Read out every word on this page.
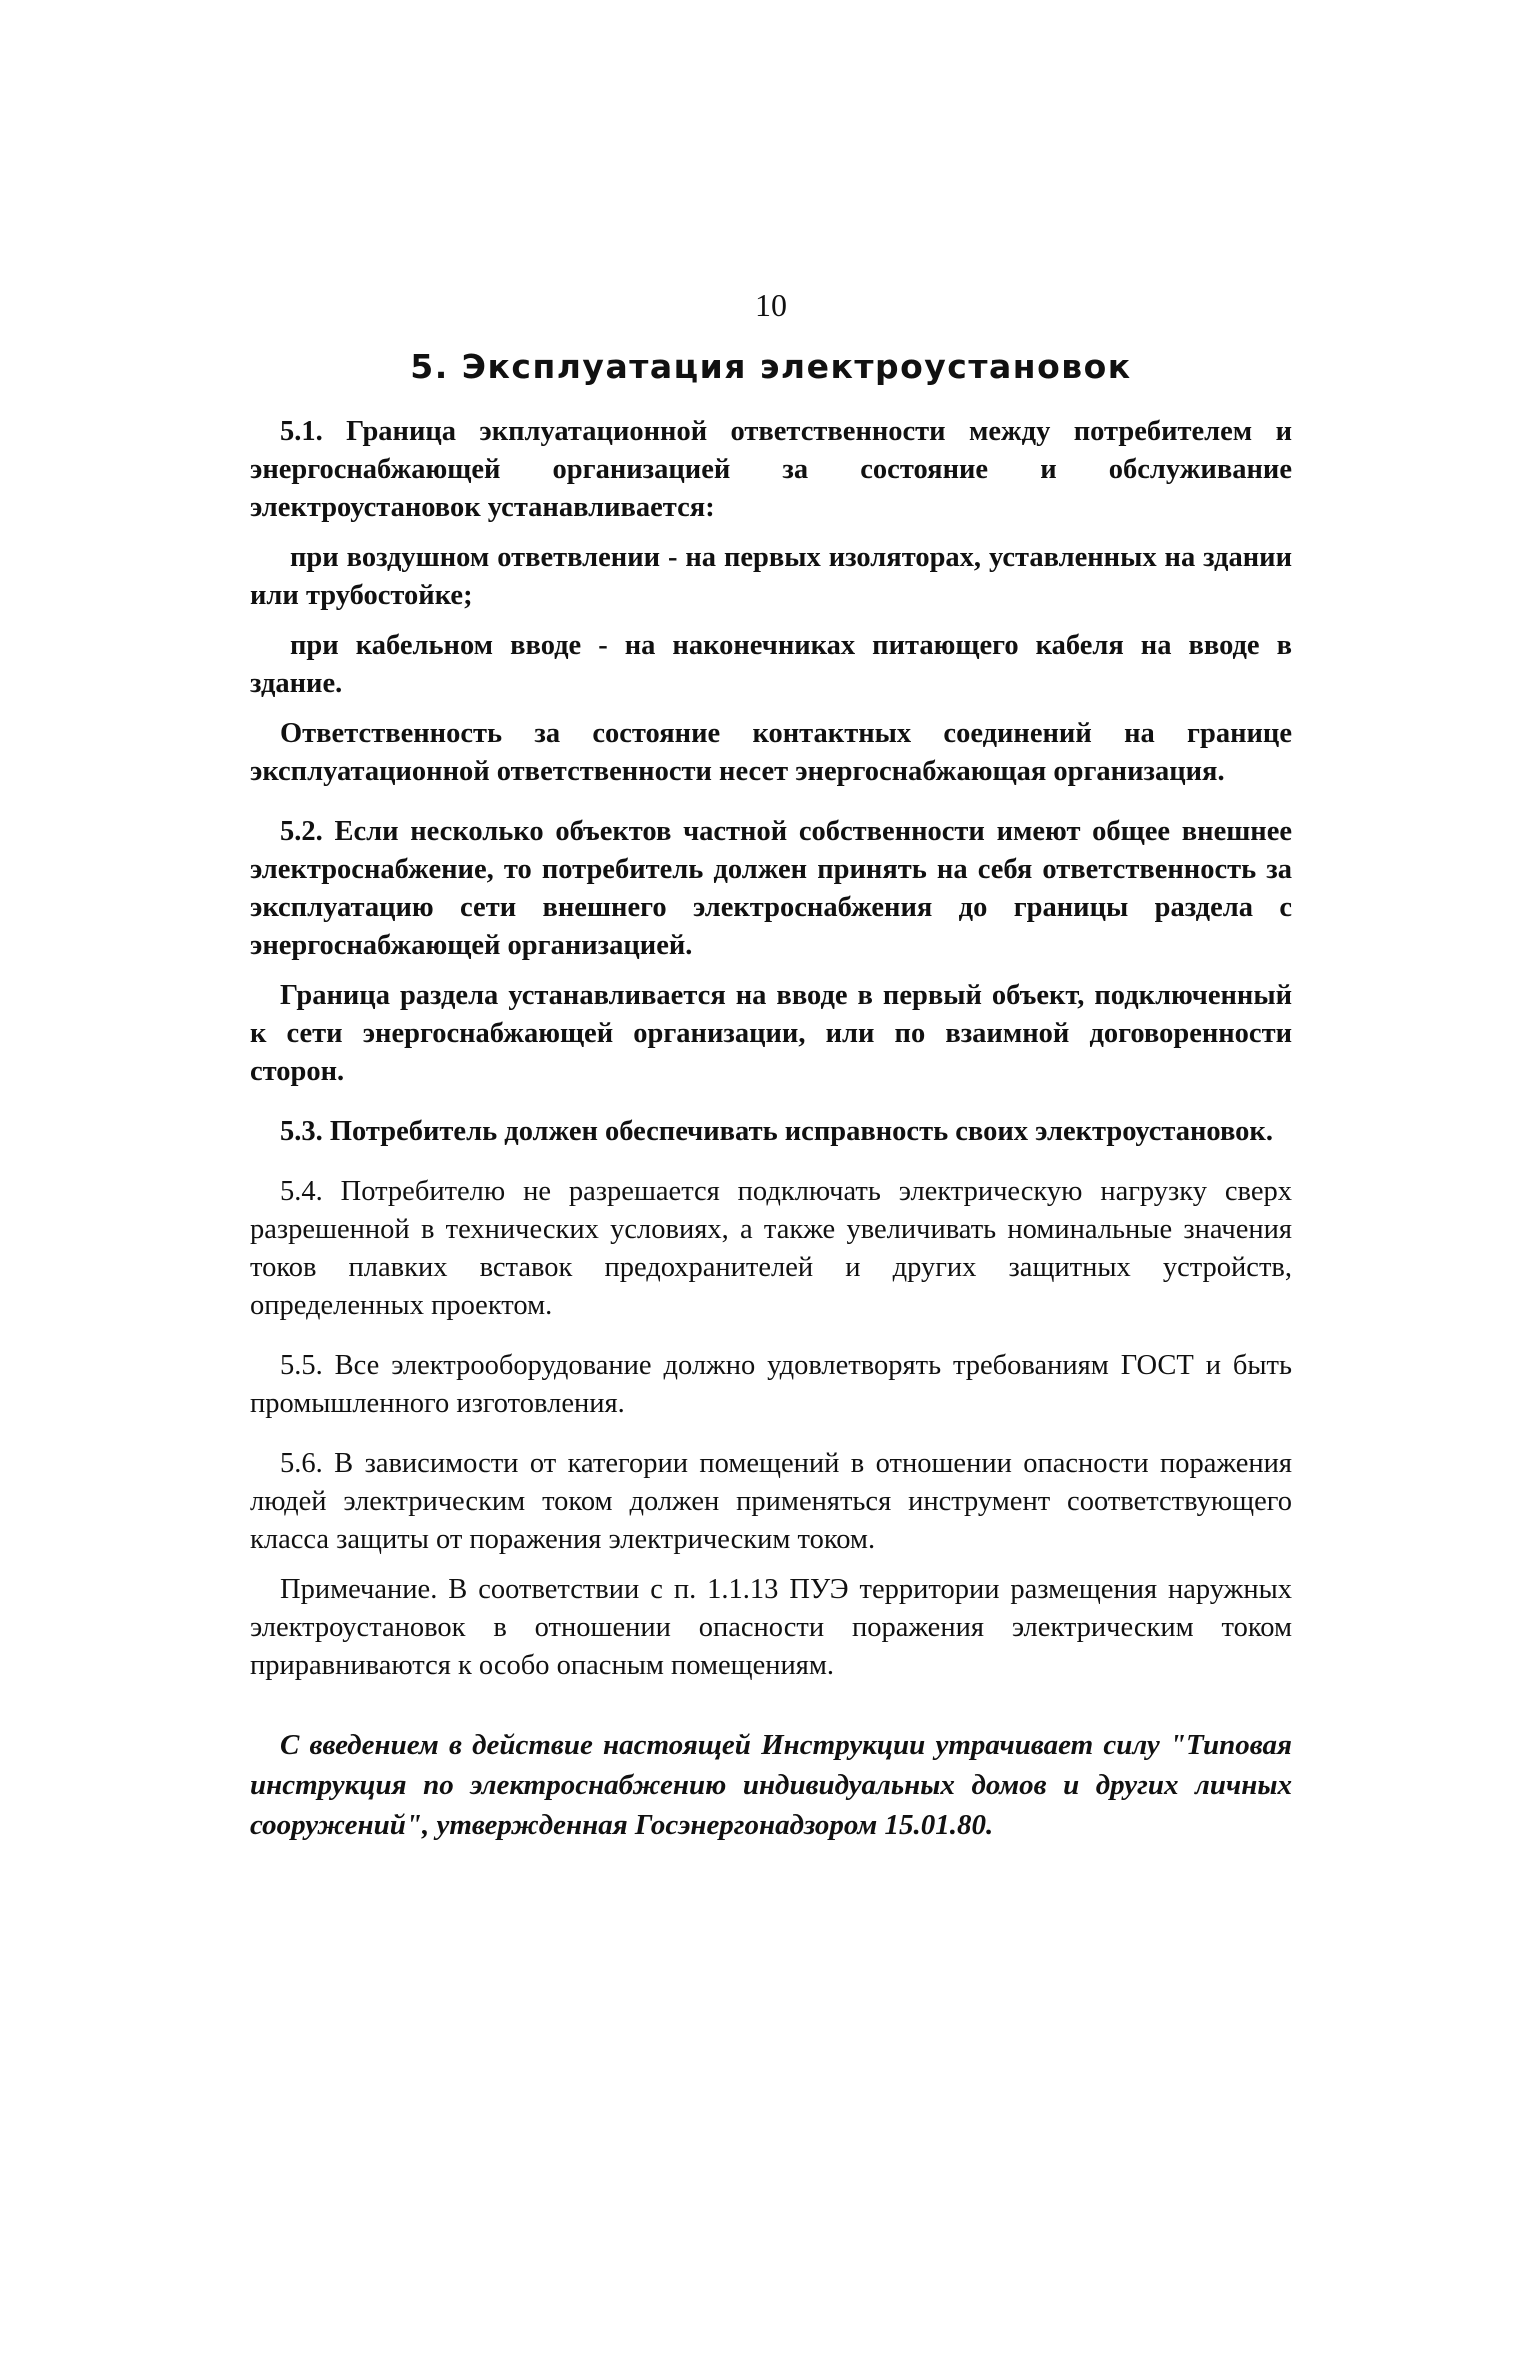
10
5. Эксплуатация электроустановок

5.1. Граница экплуатационной ответственности между потребителем и энергоснабжающей организацией за состояние и обслуживание электроустановок устанавливается:

при воздушном ответвлении - на первых изоляторах, уставленных на здании или трубостойке;

при кабельном вводе - на наконечниках питающего кабеля на вводе в здание.

Ответственность за состояние контактных соединений на границе эксплуатационной ответственности несет энергоснабжающая организация.

5.2. Если несколько объектов частной собственности имеют общее внешнее электроснабжение, то потребитель должен принять на себя ответственность за эксплуатацию сети внешнего электроснабжения до границы раздела с энергоснабжающей организацией.

Граница раздела устанавливается на вводе в первый объект, подключенный к сети энергоснабжающей организации, или по взаимной договоренности сторон.

5.3. Потребитель должен обеспечивать исправность своих электроустановок.

5.4. Потребителю не разрешается подключать электрическую нагрузку сверх разрешенной в технических условиях, а также увеличивать номинальные значения токов плавких вставок предохранителей и других защитных устройств, определенных проектом.

5.5. Все электрооборудование должно удовлетворять требованиям ГОСТ и быть промышленного изготовления.

5.6. В зависимости от категории помещений в отношении опасности поражения людей электрическим током должен применяться инструмент соответствующего класса защиты от поражения электрическим током.

Примечание. В соответствии с п. 1.1.13 ПУЭ территории размещения наружных электроустановок в отношении опасности поражения электрическим током приравниваются к особо опасным помещениям.

С введением в действие настоящей Инструкции утрачивает силу "Типовая инструкция по электроснабжению индивидуальных домов и других личных сооружений", утвержденная Госэнергонадзором 15.01.80.
